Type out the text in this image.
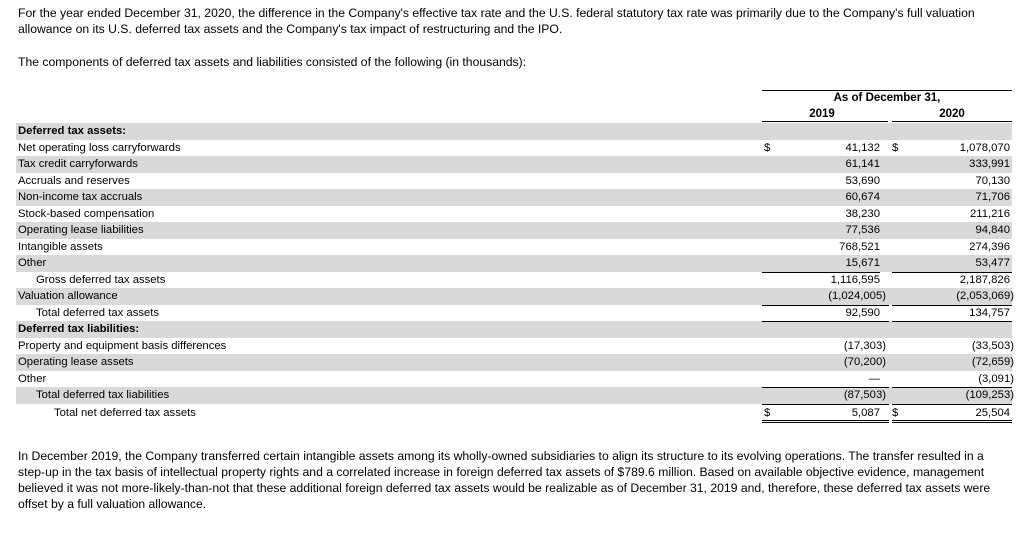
For the year ended December 31, 2020, the difference in the Company's effective tax rate and the U.S. federal statutory tax rate was primarily due to the Company's full valuation allowance on its U.S. deferred tax assets and the Company's tax impact of restructuring and the IPO.

The components of deferred tax assets and liabilities consisted of the following (in thousands):

As of December 31,
2019	2020
Deferred tax assets:
Net operating loss carryforwards	$	41,132 $	1,078,070
Tax credit carryforwards	61,141	333,991
Accruals and reserves	53,690	70,130
Non-income tax accruals	60,674	71,706
Stock-based compensation	38,230	211,216
Operating lease liabilities	77,536	94,840
Intangible assets	768,521	274,396
Other	15,671	53,477
Gross deferred tax assets	1,116,595	2,187,826
Valuation allowance	(1,024,005)	(2,053,069)
Total deferred tax assets	92,590	134,757
Deferred tax liabilities:
Property and equipment basis differences	(17,303)	(33,503)
Operating lease assets	(70,200)	(72,659)
Other	—	(3,091)
Total deferred tax liabilities	(87,503)	(109,253)
Total net deferred tax assets	$	5,087 $	25,504

In December 2019, the Company transferred certain intangible assets among its wholly-owned subsidiaries to align its structure to its evolving operations. The transfer resulted in a step-up in the tax basis of intellectual property rights and a correlated increase in foreign deferred tax assets of $789.6 million. Based on available objective evidence, management believed it was not more-likely-than-not that these additional foreign deferred tax assets would be realizable as of December 31, 2019 and, therefore, these deferred tax assets were offset by a full valuation allowance.
